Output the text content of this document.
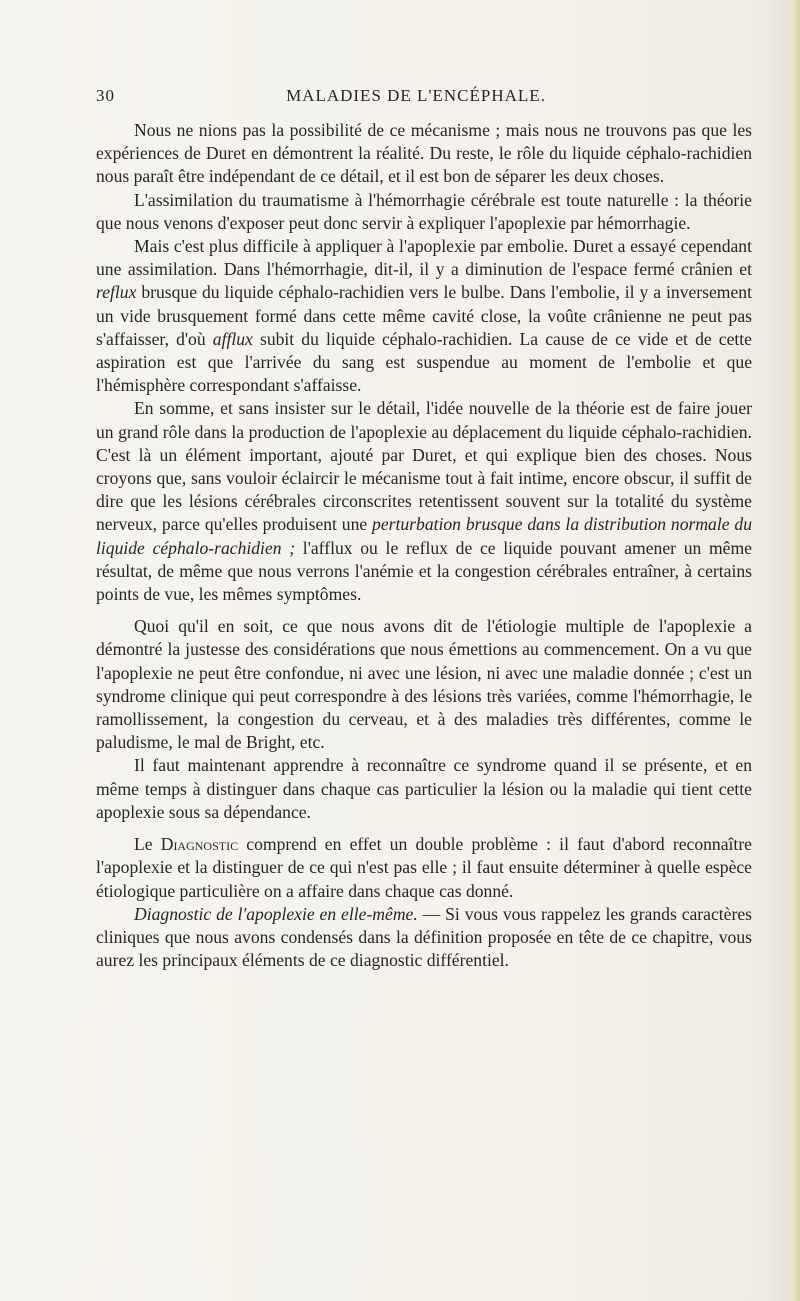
30	MALADIES DE L'ENCÉPHALE.

Nous ne nions pas la possibilité de ce mécanisme ; mais nous ne trouvons pas que les expériences de Duret en démontrent la réalité. Du reste, le rôle du liquide céphalo-rachidien nous paraît être indépendant de ce détail, et il est bon de séparer les deux choses.

L'assimilation du traumatisme à l'hémorrhagie cérébrale est toute naturelle : la théorie que nous venons d'exposer peut donc servir à expliquer l'apoplexie par hémorrhagie.

Mais c'est plus difficile à appliquer à l'apoplexie par embolie. Duret a essayé cependant une assimilation. Dans l'hémorrhagie, dit-il, il y a diminution de l'espace fermé crânien et reflux brusque du liquide céphalo-rachidien vers le bulbe. Dans l'embolie, il y a inversement un vide brusquement formé dans cette même cavité close, la voûte crânienne ne peut pas s'affaisser, d'où afflux subit du liquide céphalo-rachidien. La cause de ce vide et de cette aspiration est que l'arrivée du sang est suspendue au moment de l'embolie et que l'hémisphère correspondant s'affaisse.

En somme, et sans insister sur le détail, l'idée nouvelle de la théorie est de faire jouer un grand rôle dans la production de l'apoplexie au déplacement du liquide céphalo-rachidien. C'est là un élément important, ajouté par Duret, et qui explique bien des choses. Nous croyons que, sans vouloir éclaircir le mécanisme tout à fait intime, encore obscur, il suffit de dire que les lésions cérébrales circonscrites retentissent souvent sur la totalité du système nerveux, parce qu'elles produisent une perturbation brusque dans la distribution normale du liquide céphalo-rachidien ; l'afflux ou le reflux de ce liquide pouvant amener un même résultat, de même que nous verrons l'anémie et la congestion cérébrales entraîner, à certains points de vue, les mêmes symptômes.

Quoi qu'il en soit, ce que nous avons dit de l'étiologie multiple de l'apoplexie a démontré la justesse des considérations que nous émettions au commencement. On a vu que l'apoplexie ne peut être confondue, ni avec une lésion, ni avec une maladie donnée ; c'est un syndrome clinique qui peut correspondre à des lésions très variées, comme l'hémorrhagie, le ramollissement, la congestion du cerveau, et à des maladies très différentes, comme le paludisme, le mal de Bright, etc.

Il faut maintenant apprendre à reconnaître ce syndrome quand il se présente, et en même temps à distinguer dans chaque cas particulier la lésion ou la maladie qui tient cette apoplexie sous sa dépendance.

Le Diagnostic comprend en effet un double problème : il faut d'abord reconnaître l'apoplexie et la distinguer de ce qui n'est pas elle ; il faut ensuite déterminer à quelle espèce étiologique particulière on a affaire dans chaque cas donné.

Diagnostic de l'apoplexie en elle-même. — Si vous vous rappelez les grands caractères cliniques que nous avons condensés dans la définition proposée en tête de ce chapitre, vous aurez les principaux éléments de ce diagnostic différentiel.
